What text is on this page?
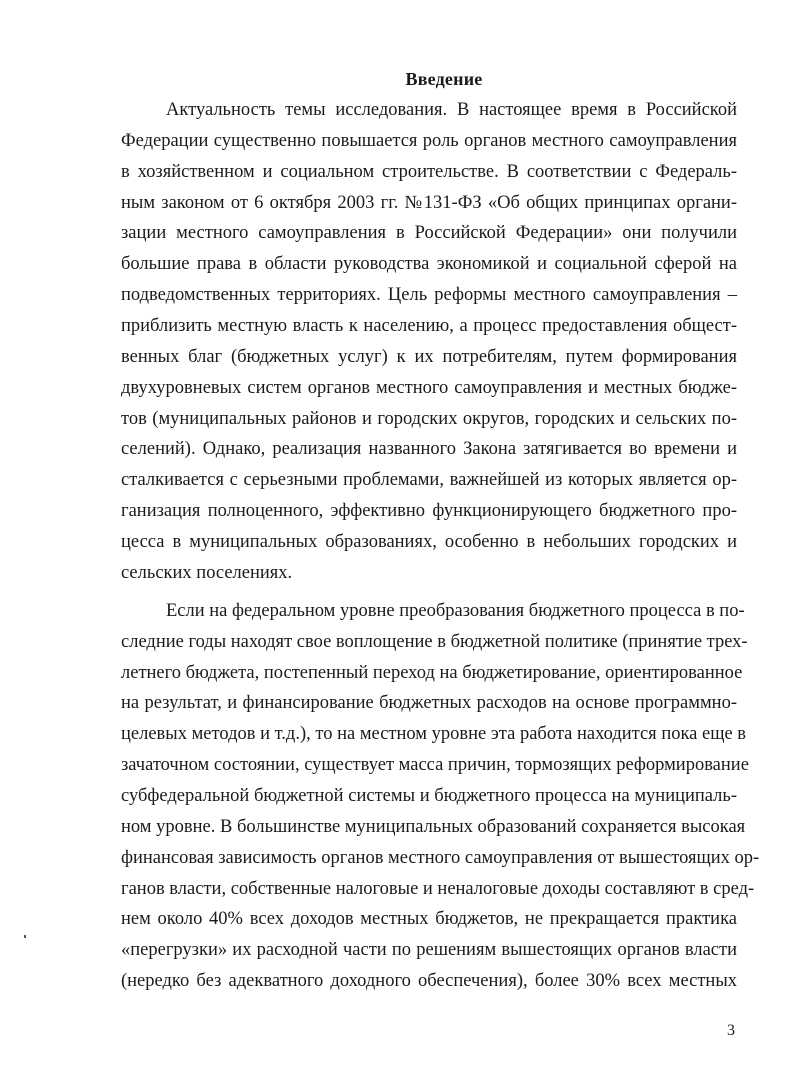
Введение
Актуальность темы исследования. В настоящее время в Российской
Федерации существенно повышается роль органов местного самоуправления
в хозяйственном и социальном строительстве. В соответствии с Федераль-
ным законом от 6 октября 2003 гг. №131-ФЗ «Об общих принципах органи-
зации местного самоуправления в Российской Федерации» они получили
большие права в области руководства экономикой и социальной сферой на
подведомственных территориях. Цель реформы местного самоуправления –
приблизить местную власть к населению, а процесс предоставления общест-
венных благ (бюджетных услуг) к их потребителям, путем формирования
двухуровневых систем органов местного самоуправления и местных бюдже-
тов (муниципальных районов и городских округов, городских и сельских по-
селений). Однако, реализация названного Закона затягивается во времени и
сталкивается с серьезными проблемами, важнейшей из которых является ор-
ганизация полноценного, эффективно функционирующего бюджетного про-
цесса в муниципальных образованиях, особенно в небольших городских и
сельских поселениях.
Если на федеральном уровне преобразования бюджетного процесса в по-
следние годы находят свое воплощение в бюджетной политике (принятие трех-
летнего бюджета, постепенный переход на бюджетирование, ориентированное
на результат, и финансирование бюджетных расходов на основе программно-
целевых методов и т.д.), то на местном уровне эта работа находится пока еще в
зачаточном состоянии, существует масса причин, тормозящих реформирование
субфедеральной бюджетной системы и бюджетного процесса на муниципаль-
ном уровне. В большинстве муниципальных образований сохраняется высокая
финансовая зависимость органов местного самоуправления от вышестоящих ор-
ганов власти, собственные налоговые и неналоговые доходы составляют в сред-
нем около 40% всех доходов местных бюджетов, не прекращается практика
«перегрузки» их расходной части по решениям вышестоящих органов власти
(нередко без адекватного доходного обеспечения), более 30% всех местных
3
